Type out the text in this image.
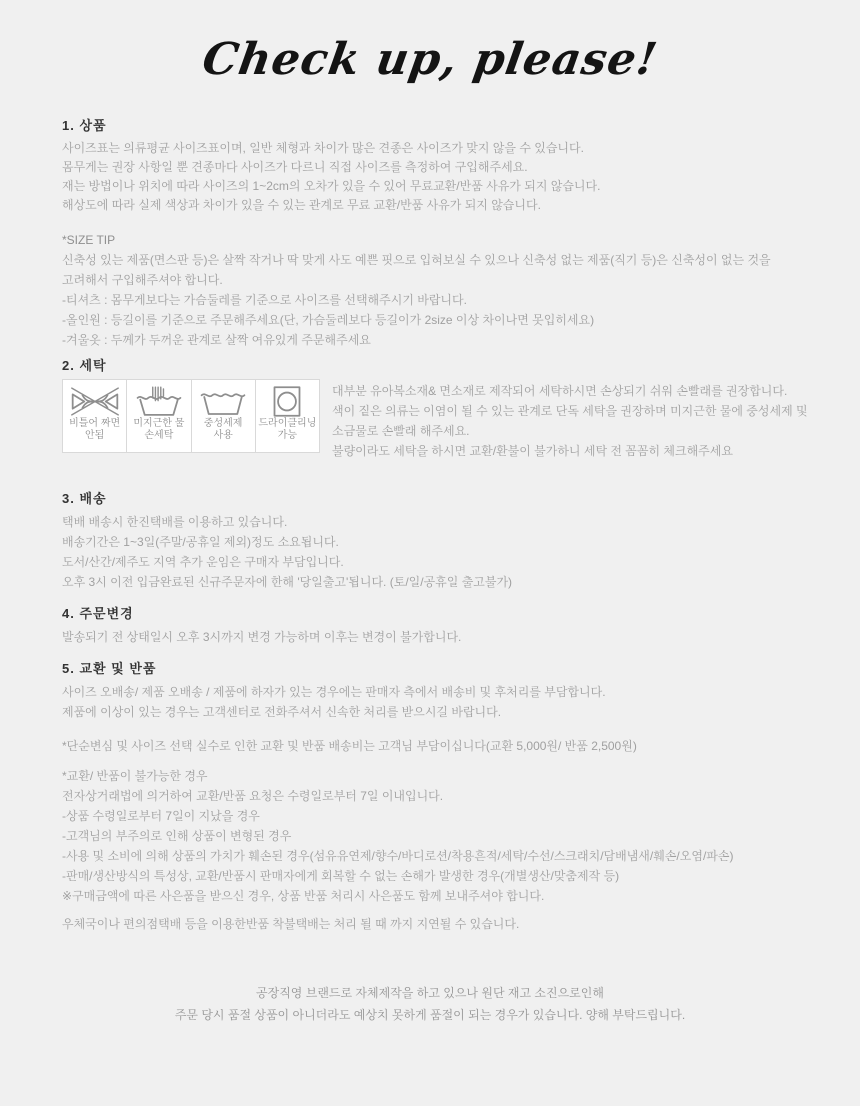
Check up, please!
1. 상품
사이즈표는 의류평균 사이즈표이며, 일반 체형과 차이가 많은 견종은 사이즈가 맞지 않을 수 있습니다.
몸무게는 권장 사항일 뿐 견종마다 사이즈가 다르니 직접 사이즈를 측정하여 구입해주세요.
재는 방법이나 위치에 따라 사이즈의 1~2cm의 오차가 있을 수 있어 무료교환/반품 사유가 되지 않습니다.
해상도에 따라 실제 색상과 차이가 있을 수 있는 관계로 무료 교환/반품 사유가 되지 않습니다.
*SIZE TIP
신축성 있는 제품(면스판 등)은 살짝 작거나 딱 맞게 사도 예쁜 핏으로 입혀보실 수 있으나 신축성 없는 제품(직기 등)은 신축성이 없는 것을
고려해서 구입해주셔야 합니다.
-티셔츠 : 몸무게보다는 가슴둘레를 기준으로 사이즈를 선택해주시기 바랍니다.
-올인원 : 등길이를 기준으로 주문해주세요(단, 가슴둘레보다 등길이가 2size 이상 차이나면 못입히세요)
-겨울옷 : 두께가 두꺼운 관계로 살짝 여유있게 주문해주세요
2. 세탁
비틀어 짜면
안됨
미지근한 물
손세탁
중성세제
사용
드라이클리닝
가능
대부분 유아복소재& 면소재로 제작되어 세탁하시면 손상되기 쉬워 손빨래를 권장합니다.
색이 짙은 의류는 이염이 될 수 있는 관계로 단독 세탁을 권장하며 미지근한 물에 중성세제 및
소금물로 손빨래 해주세요.
불량이라도 세탁을 하시면 교환/환불이 불가하니 세탁 전 꼼꼼히 체크해주세요
3. 배송
택배 배송시 한진택배를 이용하고 있습니다.
배송기간은 1~3일(주말/공휴일 제외)정도 소요됩니다.
도서/산간/제주도 지역 추가 운임은 구매자 부담입니다.
오후 3시 이전 입금완료된 신규주문자에 한해 '당일출고'됩니다. (토/일/공휴일 출고불가)
4. 주문변경
발송되기 전 상태일시 오후 3시까지 변경 가능하며 이후는 변경이 불가합니다.
5. 교환 및 반품
사이즈 오배송/ 제품 오배송 / 제품에 하자가 있는 경우에는 판매자 측에서 배송비 및 후처리를 부담합니다.
제품에 이상이 있는 경우는 고객센터로 전화주셔서 신속한 처리를 받으시길 바랍니다.
*단순변심 및 사이즈 선택 실수로 인한 교환 및 반품 배송비는 고객님 부담이십니다(교환 5,000원/ 반품 2,500원)
*교환/ 반품이 불가능한 경우
전자상거래법에 의거하여 교환/반품 요청은 수령일로부터 7일 이내입니다.
-상품 수령일로부터 7일이 지났을 경우
-고객님의 부주의로 인해 상품이 변형된 경우
-사용 및 소비에 의해 상품의 가치가 훼손된 경우(섬유유연제/향수/바디로션/착용흔적/세탁/수선/스크래치/담배냄새/훼손/오염/파손)
-판매/생산방식의 특성상, 교환/반품시 판매자에게 회복할 수 없는 손해가 발생한 경우(개별생산/맞춤제작 등)
※구매금액에 따른 사은품을 받으신 경우, 상품 반품 처리시 사은품도 함께 보내주셔야 합니다.
우체국이나 편의점택배 등을 이용한반품 착불택배는 처리 될 때 까지 지연될 수 있습니다.
공장직영 브랜드로 자체제작을 하고 있으나 원단 재고 소진으로인해
주문 당시 품절 상품이 아니더라도 예상치 못하게 품절이 되는 경우가 있습니다. 양해 부탁드립니다.
